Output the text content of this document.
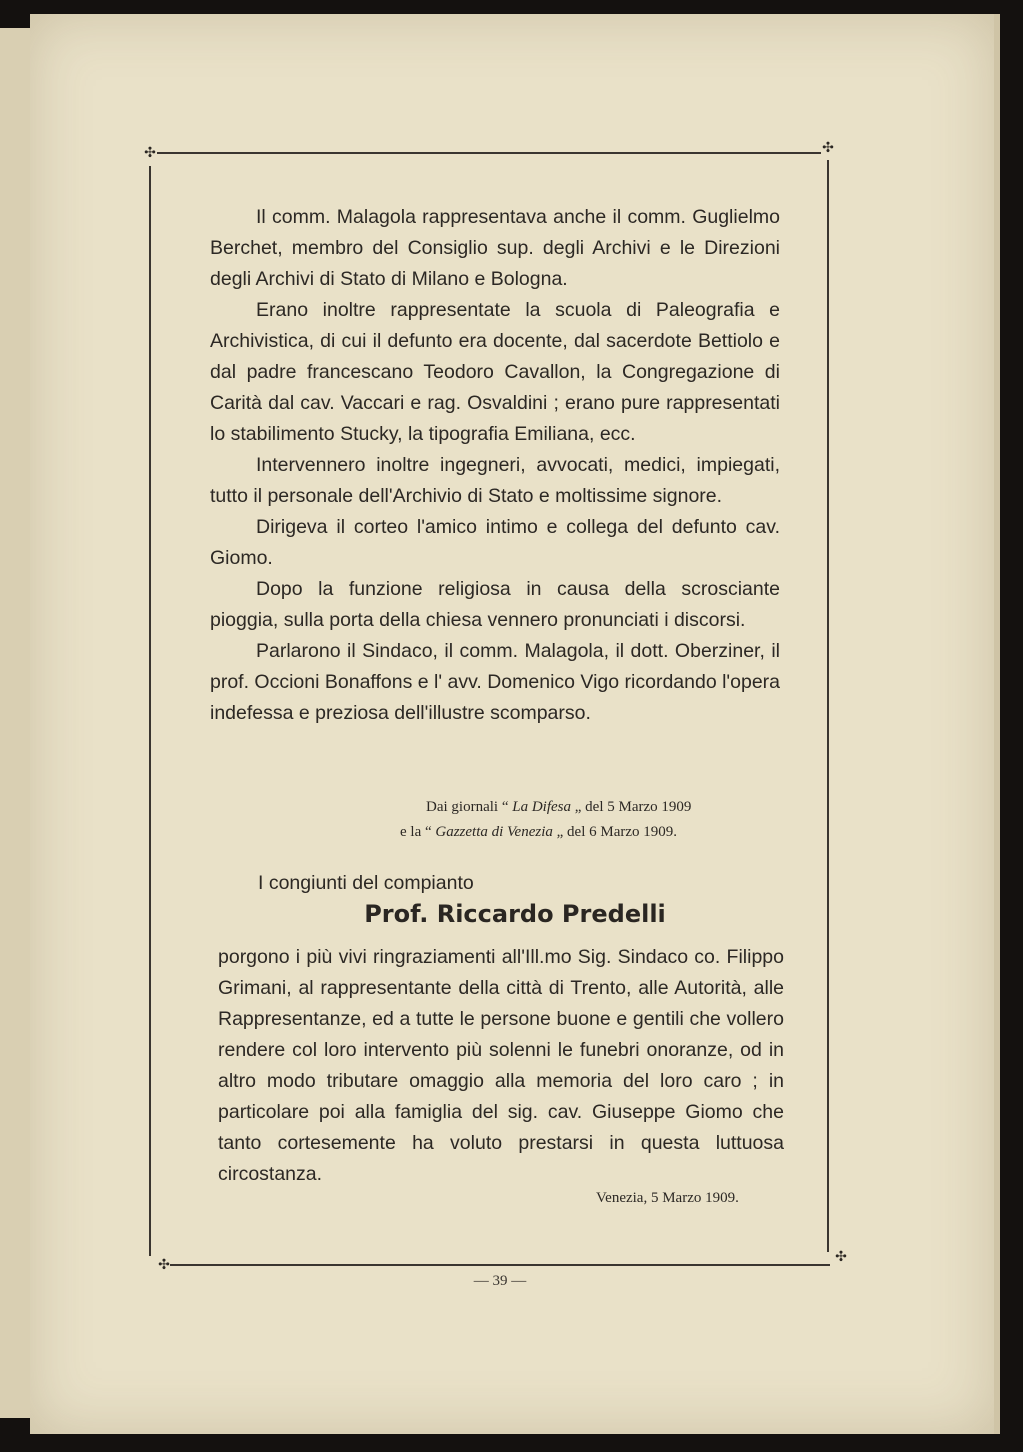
✣	✣
✣	✣

Il comm. Malagola rappresentava anche il comm. Guglielmo Berchet, membro del Consiglio sup. degli Archivi e le Direzioni degli Archivi di Stato di Milano e Bologna.

Erano inoltre rappresentate la scuola di Paleografia e Archivistica, di cui il defunto era docente, dal sacerdote Bettiolo e dal padre francescano Teodoro Cavallon, la Congregazione di Carità dal cav. Vaccari e rag. Osvaldini ; erano pure rappresentati lo stabilimento Stucky, la tipografia Emiliana, ecc.

Intervennero inoltre ingegneri, avvocati, medici, impiegati, tutto il personale dell'Archivio di Stato e moltissime signore.

Dirigeva il corteo l'amico intimo e collega del defunto cav. Giomo.

Dopo la funzione religiosa in causa della scrosciante pioggia, sulla porta della chiesa vennero pronunciati i discorsi.

Parlarono il Sindaco, il comm. Malagola, il dott. Oberziner, il prof. Occioni Bonaffons e l' avv. Domenico Vigo ricordando l'opera indefessa e preziosa dell'illustre scomparso.

Dai giornali “ La Difesa „ del 5 Marzo 1909
e la “ Gazzetta di Venezia „ del 6 Marzo 1909.
I congiunti del compianto
Prof. Riccardo Predelli

porgono i più vivi ringraziamenti all'Ill.mo Sig. Sindaco co. Filippo Grimani, al rappresentante della città di Trento, alle Autorità, alle Rappresentanze, ed a tutte le persone buone e gentili che vollero rendere col loro intervento più solenni le funebri onoranze, od in altro modo tributare omaggio alla memoria del loro caro ; in particolare poi alla famiglia del sig. cav. Giuseppe Giomo che tanto cortesemente ha voluto prestarsi in questa luttuosa circostanza.

Venezia, 5 Marzo 1909.
— 39 —
